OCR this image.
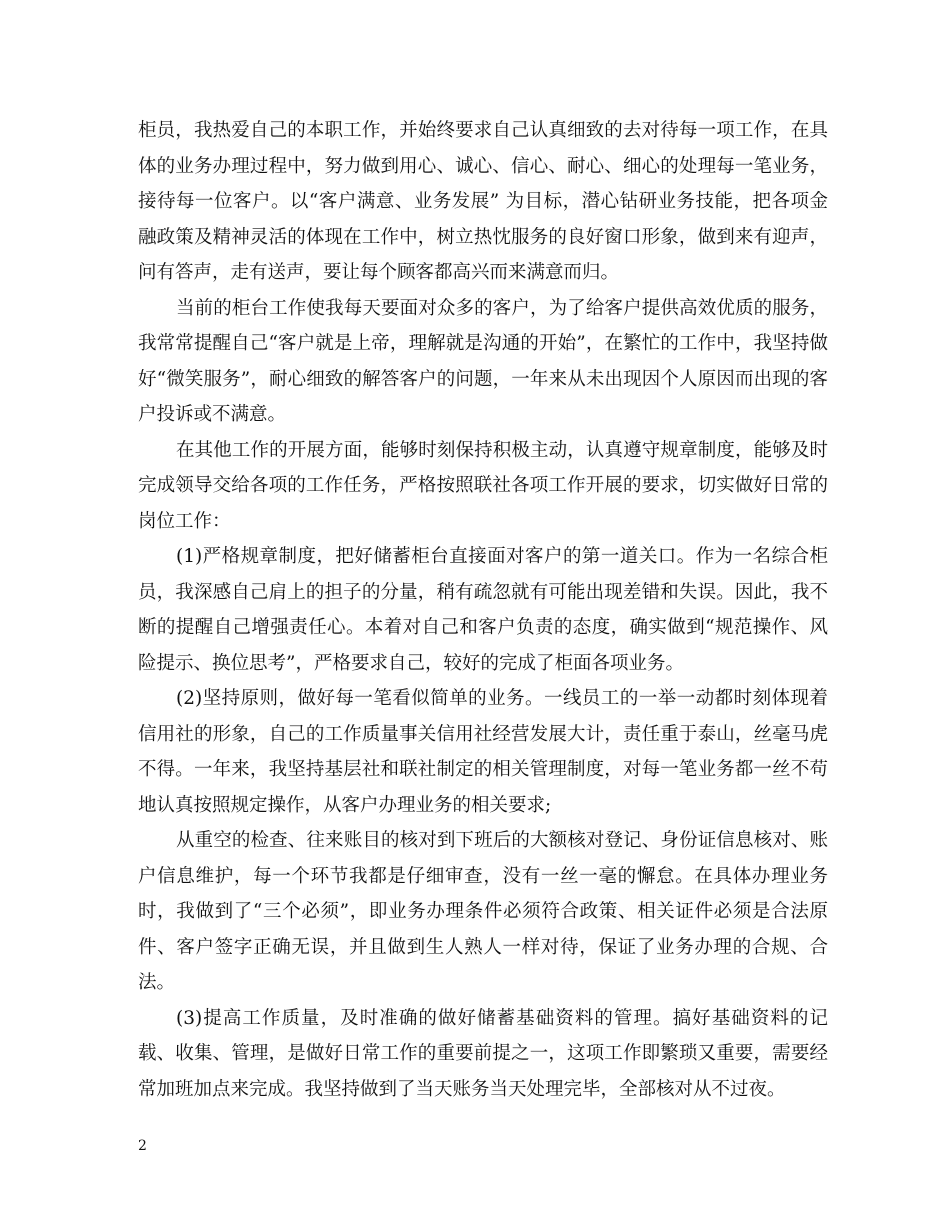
柜员，我热爱自己的本职工作，并始终要求自己认真细致的去对待每一项工作，在具体的业务办理过程中，努力做到用心、诚心、信心、耐心、细心的处理每一笔业务，接待每一位客户。以“客户满意、业务发展” 为目标，潜心钻研业务技能，把各项金融政策及精神灵活的体现在工作中，树立热忱服务的良好窗口形象，做到来有迎声，问有答声，走有送声，要让每个顾客都高兴而来满意而归。

当前的柜台工作使我每天要面对众多的客户，为了给客户提供高效优质的服务，我常常提醒自己“客户就是上帝，理解就是沟通的开始”，在繁忙的工作中，我坚持做好“微笑服务”，耐心细致的解答客户的问题，一年来从未出现因个人原因而出现的客户投诉或不满意。

在其他工作的开展方面，能够时刻保持积极主动，认真遵守规章制度，能够及时完成领导交给各项的工作任务，严格按照联社各项工作开展的要求，切实做好日常的岗位工作：

(1)严格规章制度，把好储蓄柜台直接面对客户的第一道关口。作为一名综合柜员，我深感自己肩上的担子的分量，稍有疏忽就有可能出现差错和失误。因此，我不断的提醒自己增强责任心。本着对自己和客户负责的态度，确实做到“规范操作、风险提示、换位思考”，严格要求自己，较好的完成了柜面各项业务。

(2)坚持原则，做好每一笔看似简单的业务。一线员工的一举一动都时刻体现着信用社的形象，自己的工作质量事关信用社经营发展大计，责任重于泰山，丝毫马虎不得。一年来，我坚持基层社和联社制定的相关管理制度，对每一笔业务都一丝不苟地认真按照规定操作，从客户办理业务的相关要求;

从重空的检查、往来账目的核对到下班后的大额核对登记、身份证信息核对、账户信息维护，每一个环节我都是仔细审查，没有一丝一毫的懈怠。在具体办理业务时，我做到了“三个必须”，即业务办理条件必须符合政策、相关证件必须是合法原件、客户签字正确无误，并且做到生人熟人一样对待，保证了业务办理的合规、合法。

(3)提高工作质量，及时准确的做好储蓄基础资料的管理。搞好基础资料的记载、收集、管理，是做好日常工作的重要前提之一，这项工作即繁琐又重要，需要经常加班加点来完成。我坚持做到了当天账务当天处理完毕，全部核对从不过夜。

2
